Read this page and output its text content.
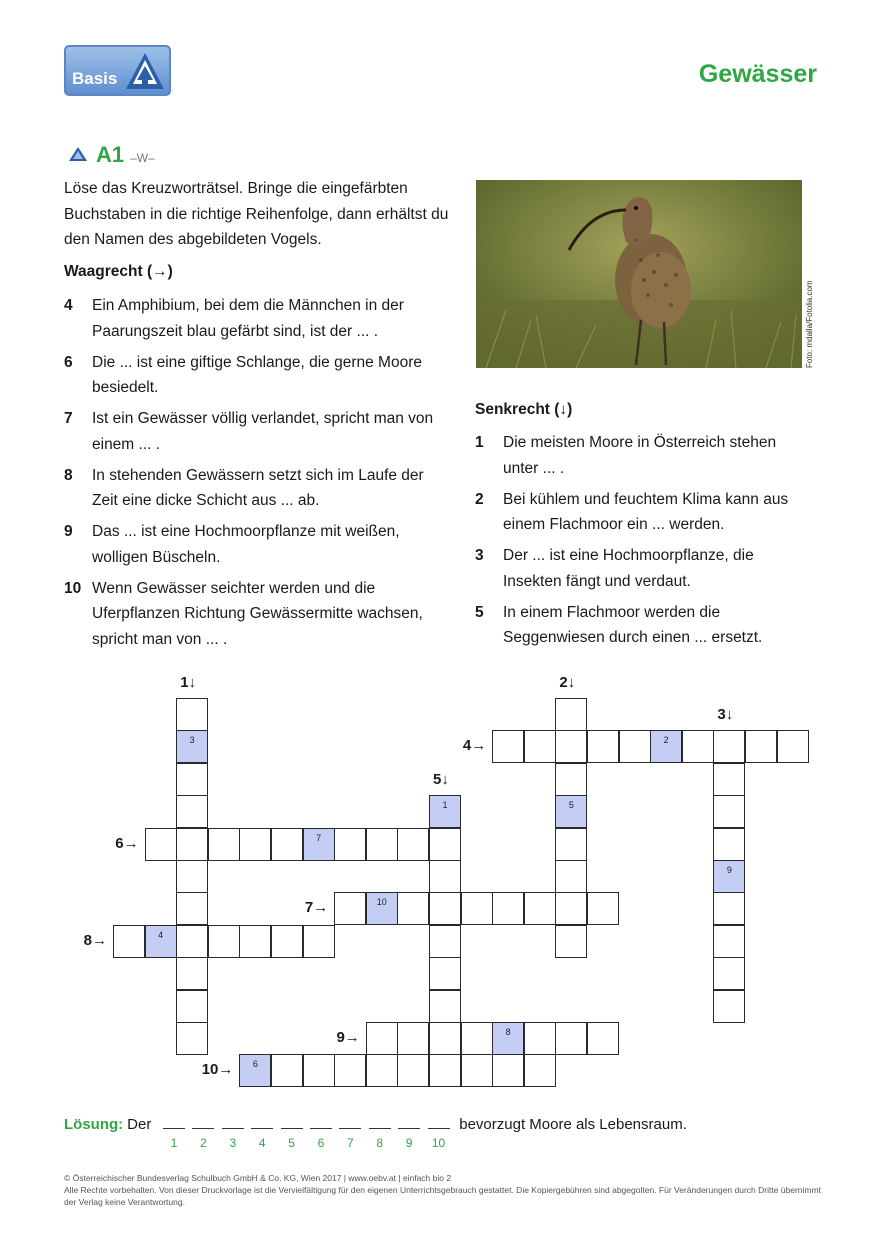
Basis	Gewässer
A1 –W–
Löse das Kreuzworträtsel. Bringe die eingefärbten Buchstaben in die richtige Reihenfolge, dann erhältst du den Namen des abgebildeten Vogels.
Foto: mdalla/Fotolia.com
Waagrecht (→)
4	Ein Amphibium, bei dem die Männchen in der Paarungszeit blau gefärbt sind, ist der ... .
6	Die ... ist eine giftige Schlange, die gerne Moore besiedelt.
7	Ist ein Gewässer völlig verlandet, spricht man von einem ... .
8	In stehenden Gewässern setzt sich im Laufe der Zeit eine dicke Schicht aus ... ab.
9	Das ... ist eine Hochmoorpflanze mit weißen, wolligen Büscheln.
10 Wenn Gewässer seichter werden und die Uferpflanzen Richtung Gewässermitte wachsen, spricht man von ... .
Senkrecht (↓)
1	Die meisten Moore in Österreich stehen unter ... .
2	Bei kühlem und feuchtem Klima kann aus einem Flachmoor ein ... werden.
3	Der ... ist eine Hochmoorpflanze, die Insekten fängt und verdaut.
5	In einem Flachmoor werden die Seggenwiesen durch einen ... ersetzt.
3
5
9
1
2
7
10
4
8
6
1↓	2↓
3↓
5↓
4→
6→
7→
8→
9→
10→
Lösung: Der
1	2	3	4	5	6	7	8	9	10
bevorzugt Moore als Lebensraum.
© Österreichischer Bundesverlag Schulbuch GmbH & Co. KG, Wien 2017 | www.oebv.at | einfach bio 2
Alle Rechte vorbehalten. Von dieser Druckvorlage ist die Vervielfältigung für den eigenen Unterrichtsgebrauch gestattet. Die Kopiergebühren sind abgegolten. Für Veränderungen durch Dritte übernimmt der Verlag keine Verantwortung.
